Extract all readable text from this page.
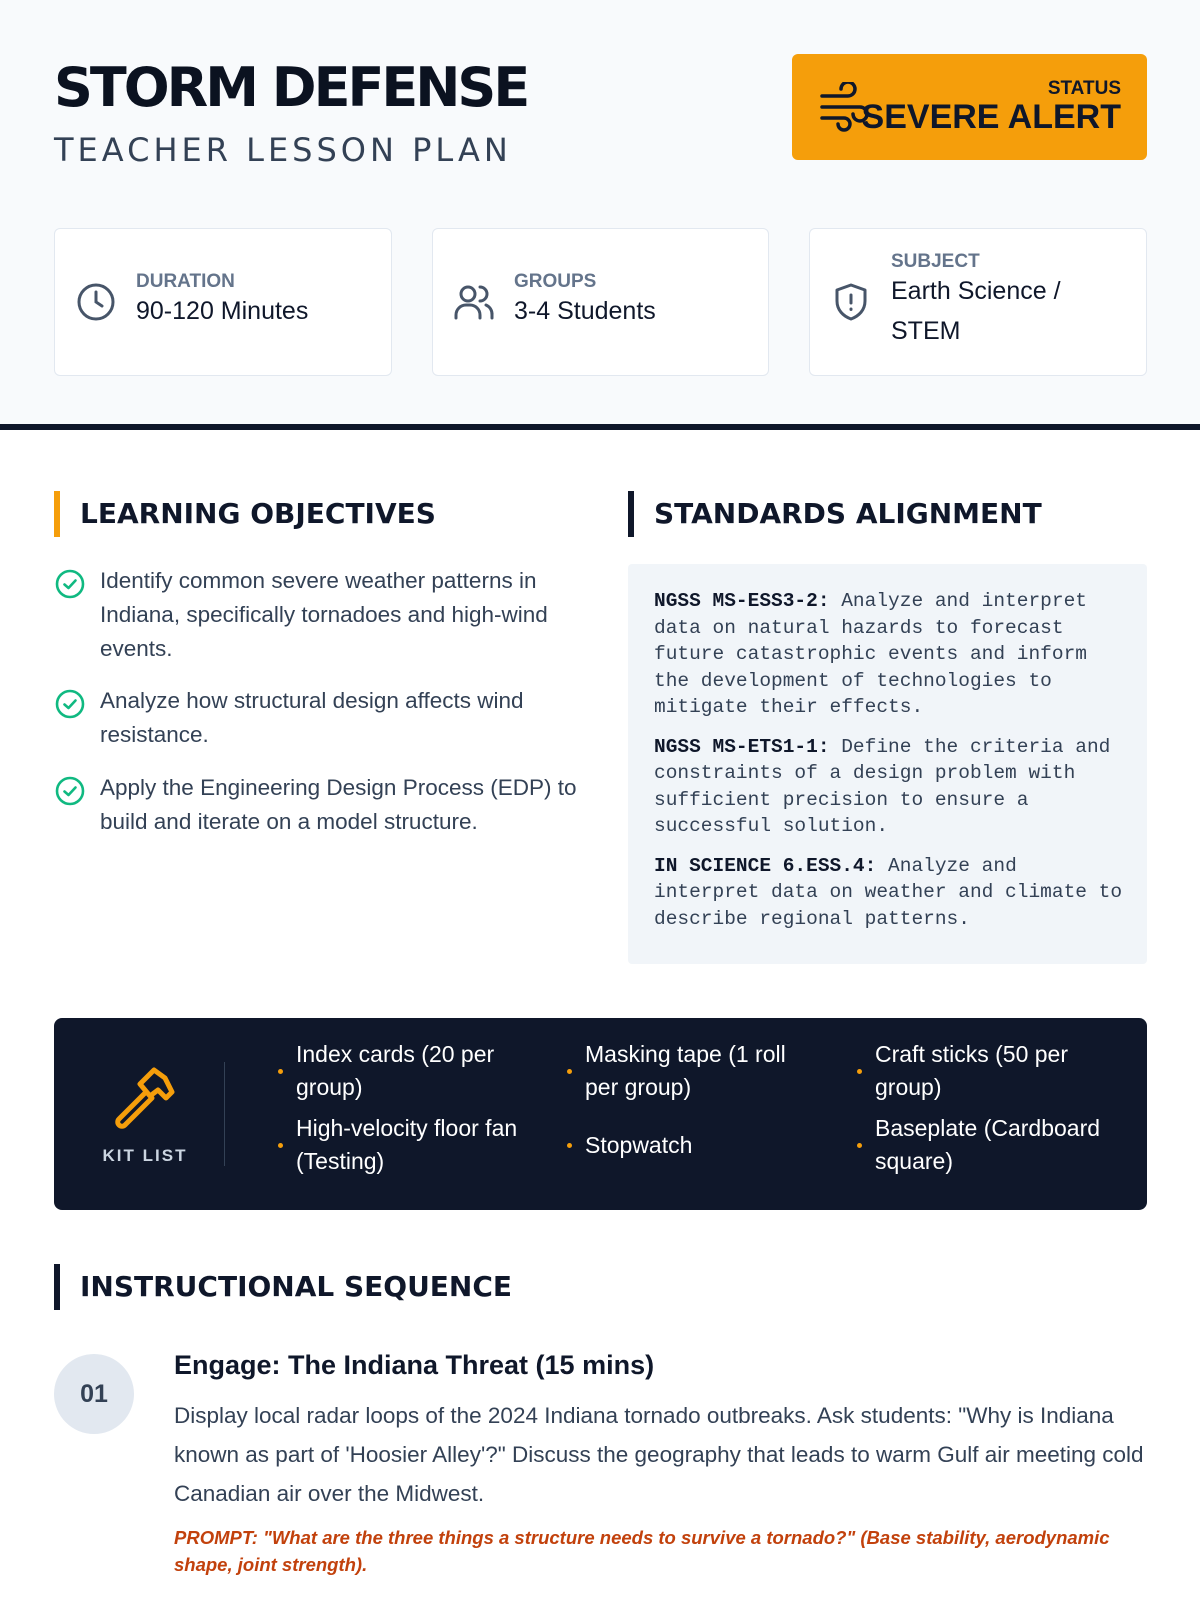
STORM DEFENSE
TEACHER LESSON PLAN
STATUS
SEVERE ALERT
DURATION
90-120 Minutes
GROUPS
3-4 Students
SUBJECT
Earth Science /
STEM
LEARNING OBJECTIVES
Identify common severe weather patterns in Indiana, specifically tornadoes and high-wind events.
Analyze how structural design affects wind resistance.
Apply the Engineering Design Process (EDP) to build and iterate on a model structure.
STANDARDS ALIGNMENT

NGSS MS-ESS3-2: Analyze and interpret data on natural hazards to forecast future catastrophic events and inform the development of technologies to mitigate their effects.

NGSS MS-ETS1-1: Define the criteria and constraints of a design problem with sufficient precision to ensure a successful solution.

IN SCIENCE 6.ESS.4: Analyze and interpret data on weather and climate to describe regional patterns.

KIT LIST
Index cards (20 per group)
Masking tape (1 roll per group)
Craft sticks (50 per group)
High-velocity floor fan (Testing)
Stopwatch
Baseplate (Cardboard square)
INSTRUCTIONAL SEQUENCE
01
Engage: The Indiana Threat (15 mins)
Display local radar loops of the 2024 Indiana tornado outbreaks. Ask students: "Why is Indiana known as part of 'Hoosier Alley'?" Discuss the geography that leads to warm Gulf air meeting cold Canadian air over the Midwest.
PROMPT: "What are the three things a structure needs to survive a tornado?" (Base stability, aerodynamic shape, joint strength).
